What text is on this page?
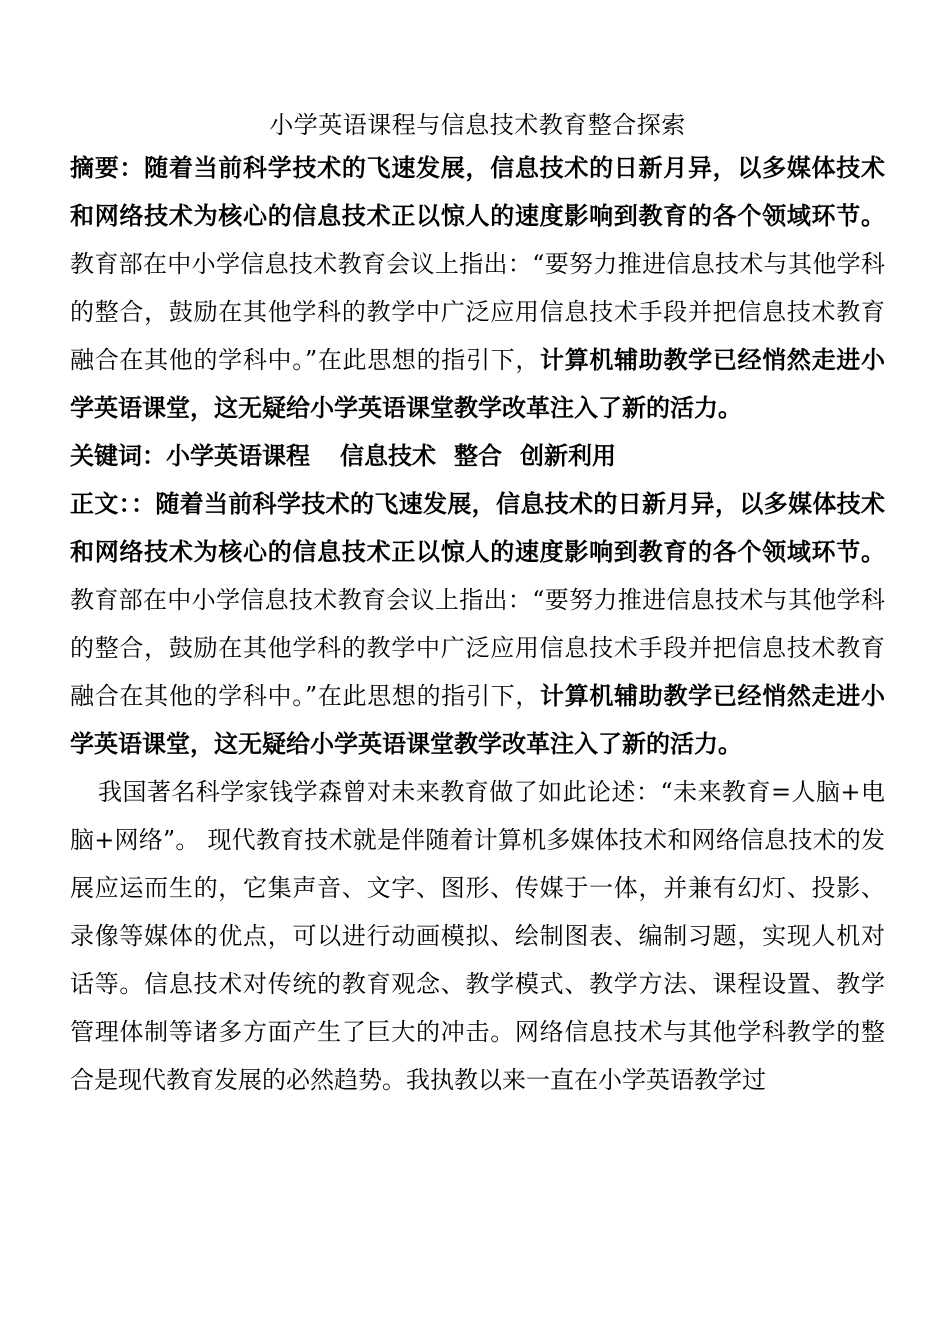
小学英语课程与信息技术教育整合探索

摘要：随着当前科学技术的飞速发展，信息技术的日新月异，以多媒体技术和网络技术为核心的信息技术正以惊人的速度影响到教育的各个领域环节。教育部在中小学信息技术教育会议上指出：“要努力推进信息技术与其他学科的整合，鼓励在其他学科的教学中广泛应用信息技术手段并把信息技术教育融合在其他的学科中。”在此思想的指引下，计算机辅助教学已经悄然走进小学英语课堂，这无疑给小学英语课堂教学改革注入了新的活力。

关键词：小学英语课程 信息技术 整合 创新利用

正文：：随着当前科学技术的飞速发展，信息技术的日新月异，以多媒体技术和网络技术为核心的信息技术正以惊人的速度影响到教育的各个领域环节。教育部在中小学信息技术教育会议上指出：“要努力推进信息技术与其他学科的整合，鼓励在其他学科的教学中广泛应用信息技术手段并把信息技术教育融合在其他的学科中。”在此思想的指引下，计算机辅助教学已经悄然走进小学英语课堂，这无疑给小学英语课堂教学改革注入了新的活力。

我国著名科学家钱学森曾对未来教育做了如此论述：“未来教育=人脑+电脑+网络”。 现代教育技术就是伴随着计算机多媒体技术和网络信息技术的发展应运而生的，它集声音、文字、图形、传媒于一体，并兼有幻灯、投影、录像等媒体的优点，可以进行动画模拟、绘制图表、编制习题，实现人机对话等。信息技术对传统的教育观念、教学模式、教学方法、课程设置、教学管理体制等诸多方面产生了巨大的冲击。网络信息技术与其他学科教学的整合是现代教育发展的必然趋势。我执教以来一直在小学英语教学过
